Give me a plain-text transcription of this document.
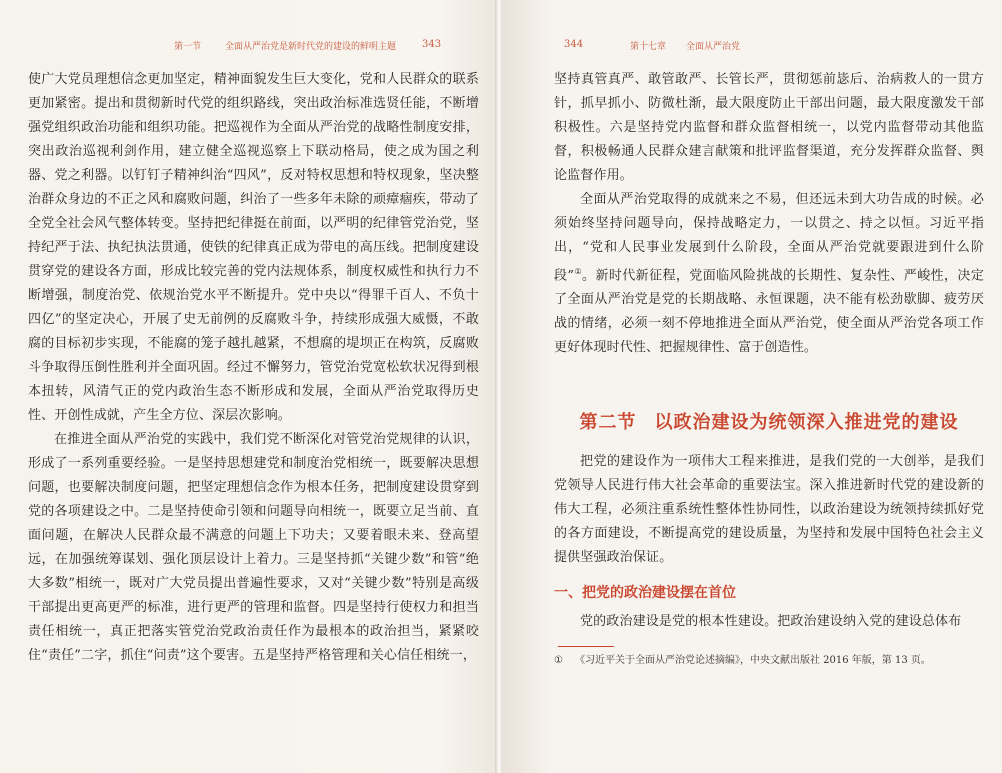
第一节	全面从严治党是新时代党的建设的鲜明主题	343

使广大党员理想信念更加坚定，精神面貌发生巨大变化，党和人民群众的联系更加紧密。提出和贯彻新时代党的组织路线，突出政治标准选贤任能，不断增强党组织政治功能和组织功能。把巡视作为全面从严治党的战略性制度安排，突出政治巡视利剑作用，建立健全巡视巡察上下联动格局，使之成为国之利器、党之利器。以钉钉子精神纠治“四风”，反对特权思想和特权现象，坚决整治群众身边的不正之风和腐败问题，纠治了一些多年未除的顽瘴痼疾，带动了全党全社会风气整体转变。坚持把纪律挺在前面，以严明的纪律管党治党，坚持纪严于法、执纪执法贯通，使铁的纪律真正成为带电的高压线。把制度建设贯穿党的建设各方面，形成比较完善的党内法规体系，制度权威性和执行力不断增强，制度治党、依规治党水平不断提升。党中央以“得罪千百人、不负十四亿”的坚定决心，开展了史无前例的反腐败斗争，持续形成强大威慑，不敢腐的目标初步实现，不能腐的笼子越扎越紧，不想腐的堤坝正在构筑，反腐败斗争取得压倒性胜利并全面巩固。经过不懈努力，管党治党宽松软状况得到根本扭转，风清气正的党内政治生态不断形成和发展，全面从严治党取得历史性、开创性成就，产生全方位、深层次影响。

在推进全面从严治党的实践中，我们党不断深化对管党治党规律的认识，形成了一系列重要经验。一是坚持思想建党和制度治党相统一，既要解决思想问题，也要解决制度问题，把坚定理想信念作为根本任务，把制度建设贯穿到党的各项建设之中。二是坚持使命引领和问题导向相统一，既要立足当前、直面问题，在解决人民群众最不满意的问题上下功夫；又要着眼未来、登高望远，在加强统筹谋划、强化顶层设计上着力。三是坚持抓“关键少数”和管“绝大多数”相统一，既对广大党员提出普遍性要求，又对“关键少数”特别是高级干部提出更高更严的标准，进行更严的管理和监督。四是坚持行使权力和担当责任相统一，真正把落实管党治党政治责任作为最根本的政治担当，紧紧咬住“责任”二字，抓住“问责”这个要害。五是坚持严格管理和关心信任相统一，

344	第十七章 全面从严治党

坚持真管真严、敢管敢严、长管长严，贯彻惩前毖后、治病救人的一贯方针，抓早抓小、防微杜渐，最大限度防止干部出问题，最大限度激发干部积极性。六是坚持党内监督和群众监督相统一，以党内监督带动其他监督，积极畅通人民群众建言献策和批评监督渠道，充分发挥群众监督、舆论监督作用。

全面从严治党取得的成就来之不易，但还远未到大功告成的时候。必须始终坚持问题导向，保持战略定力，一以贯之、持之以恒。习近平指出，“党和人民事业发展到什么阶段，全面从严治党就要跟进到什么阶段”①。新时代新征程，党面临风险挑战的长期性、复杂性、严峻性，决定了全面从严治党是党的长期战略、永恒课题，决不能有松劲歇脚、疲劳厌战的情绪，必须一刻不停地推进全面从严治党，使全面从严治党各项工作更好体现时代性、把握规律性、富于创造性。

第二节 以政治建设为统领深入推进党的建设

把党的建设作为一项伟大工程来推进，是我们党的一大创举，是我们党领导人民进行伟大社会革命的重要法宝。深入推进新时代党的建设新的伟大工程，必须注重系统性整体性协同性，以政治建设为统领持续抓好党的各方面建设，不断提高党的建设质量，为坚持和发展中国特色社会主义提供坚强政治保证。

一、把党的政治建设摆在首位

党的政治建设是党的根本性建设。把政治建设纳入党的建设总体布

① 《习近平关于全面从严治党论述摘编》，中央文献出版社 2016 年版，第 13 页。
